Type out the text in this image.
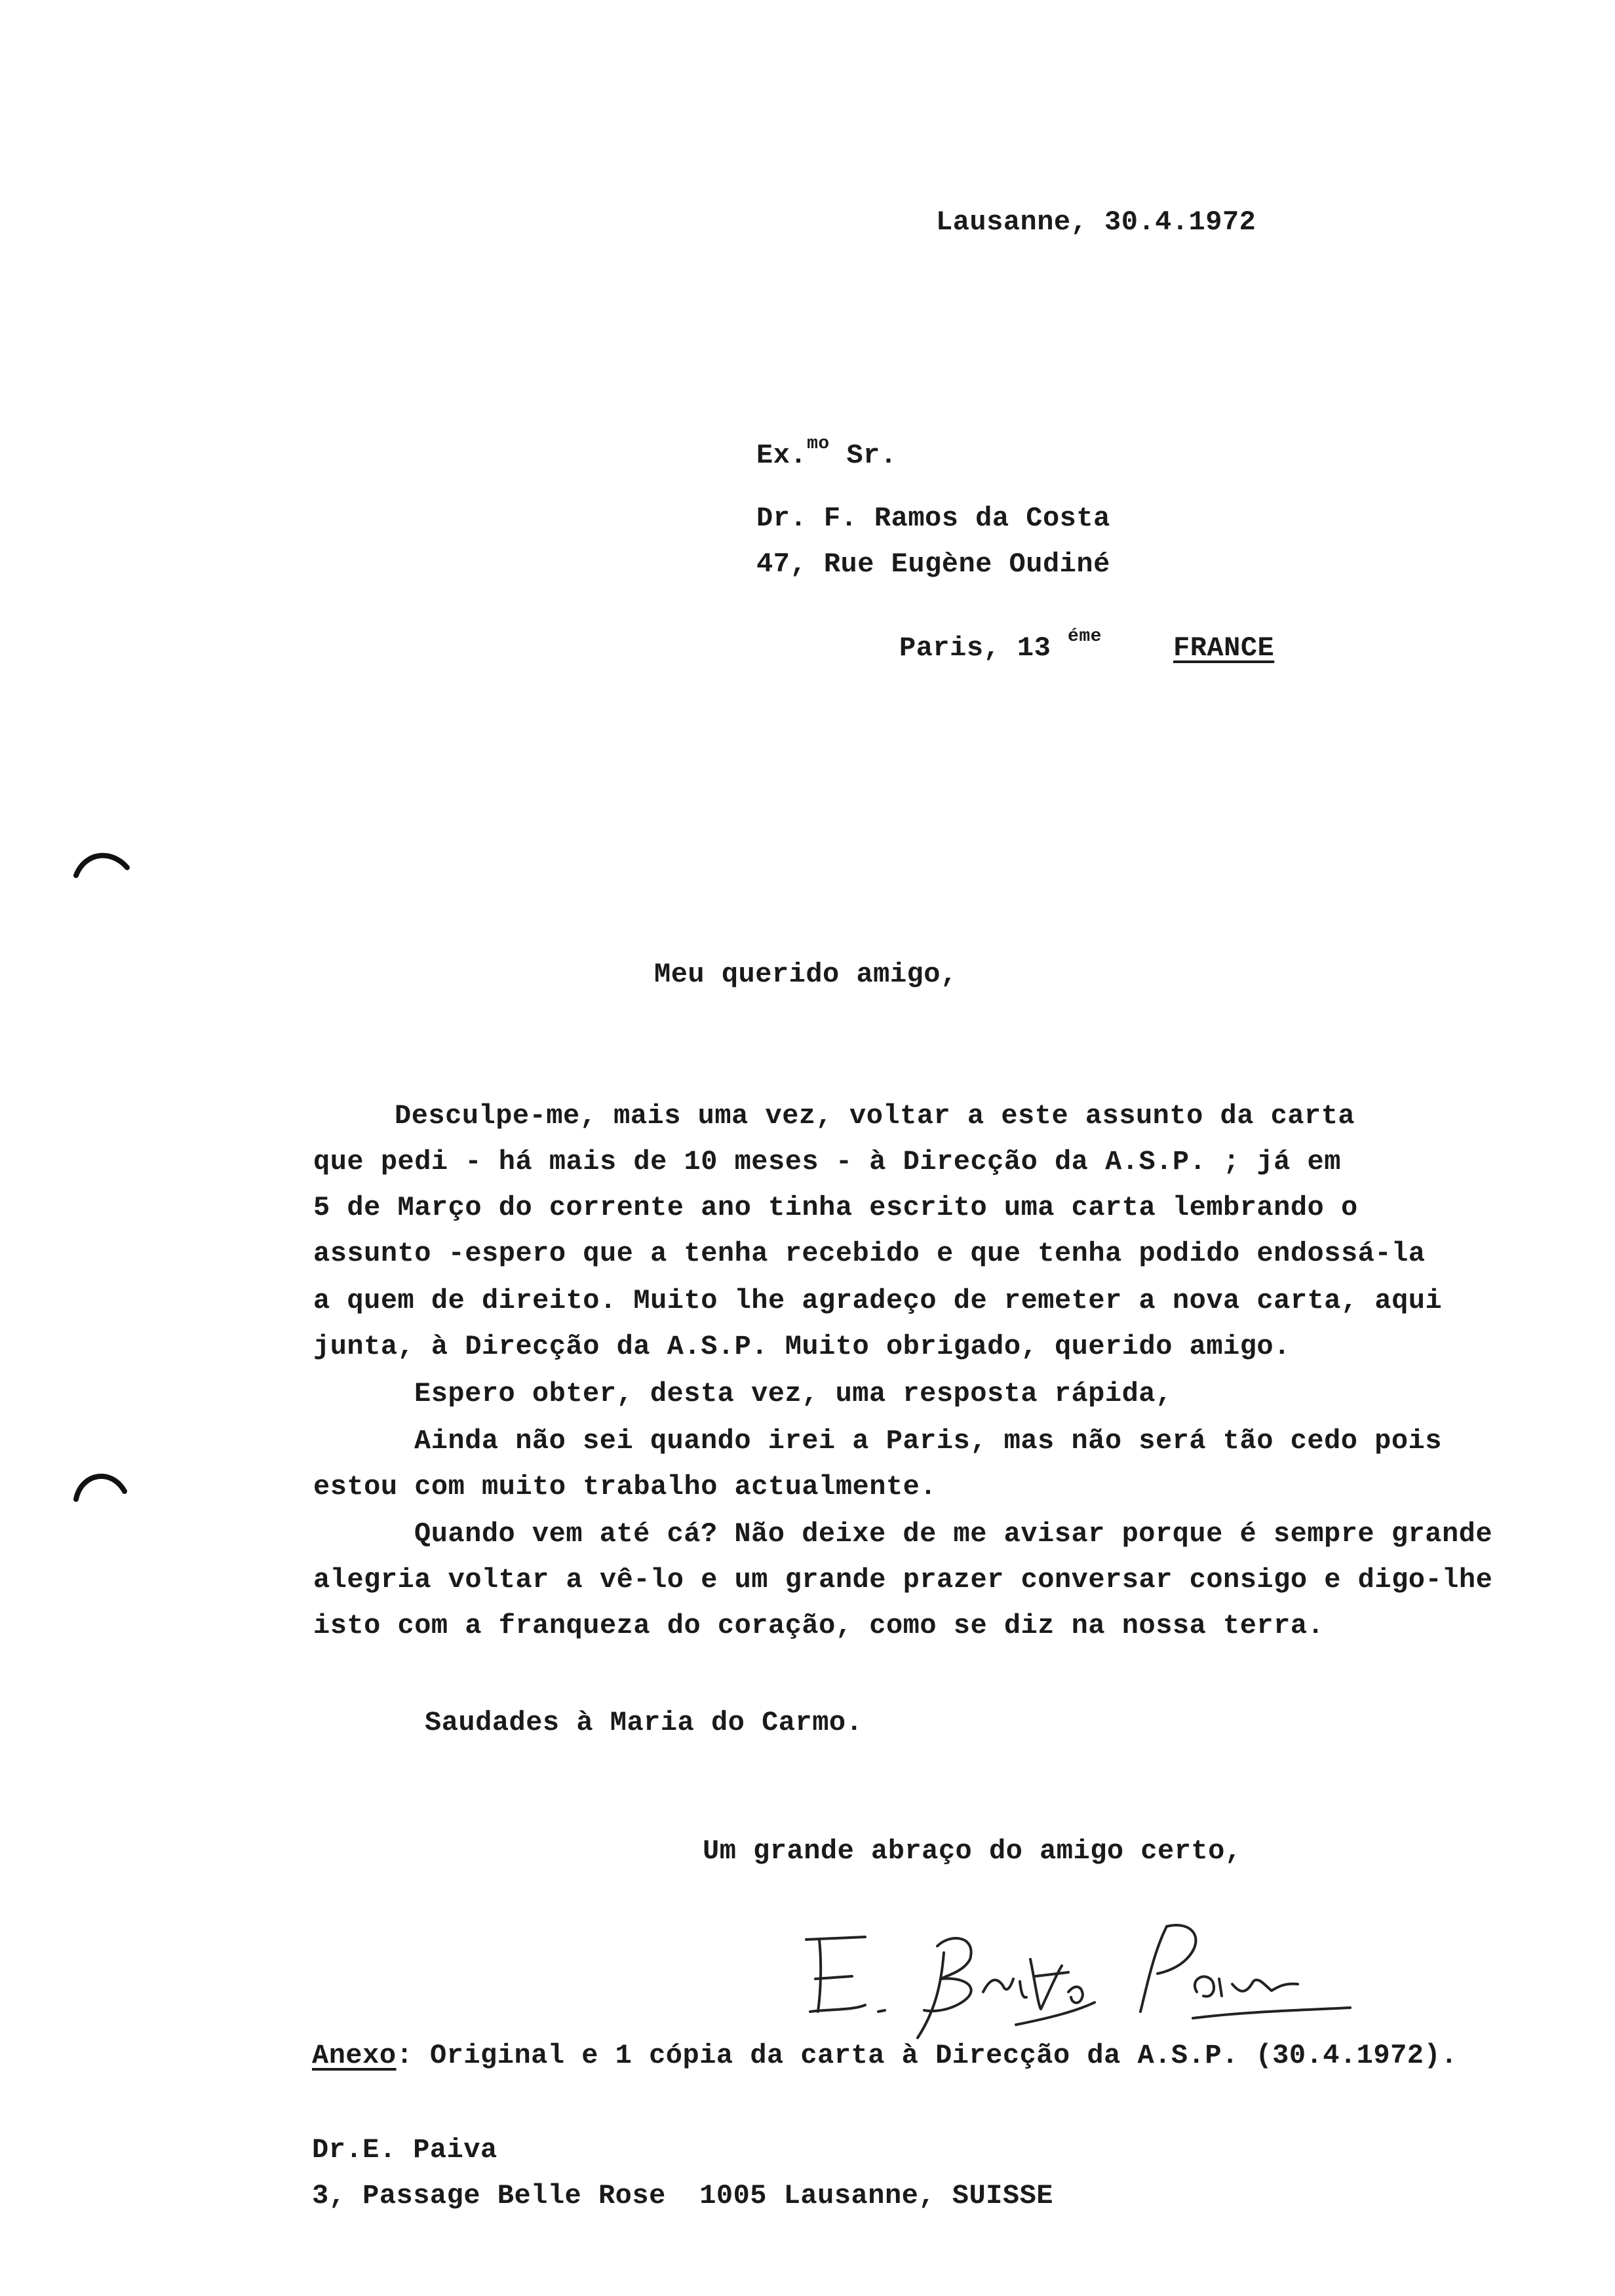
Lausanne, 30.4.1972
Ex.$^{mo}$ Sr.
Dr. F. Ramos da Costa
47, Rue Eugène Oudiné
Paris, 13 $^{éme}$	FRANCE
Meu querido amigo,
Desculpe-me, mais uma vez, voltar a este assunto da carta
que pedi - há mais de 10 meses - à Direcção da A.S.P. ; já em
5 de Março do corrente ano tinha escrito uma carta lembrando o
assunto -espero que a tenha recebido e que tenha podido endossá-la
a quem de direito. Muito lhe agradeço de remeter a nova carta, aqui
junta, à Direcção da A.S.P. Muito obrigado, querido amigo.
Espero obter, desta vez, uma resposta rápida,
Ainda não sei quando irei a Paris, mas não será tão cedo pois
estou com muito trabalho actualmente.
Quando vem até cá? Não deixe de me avisar porque é sempre grande
alegria voltar a vê-lo e um grande prazer conversar consigo e digo-lhe
isto com a franqueza do coração, como se diz na nossa terra.
Saudades à Maria do Carmo.
Um grande abraço do amigo certo,
Anexo: Original e 1 cópia da carta à Direcção da A.S.P. (30.4.1972).
Dr.E. Paiva
3, Passage Belle Rose  1005 Lausanne, SUISSE
